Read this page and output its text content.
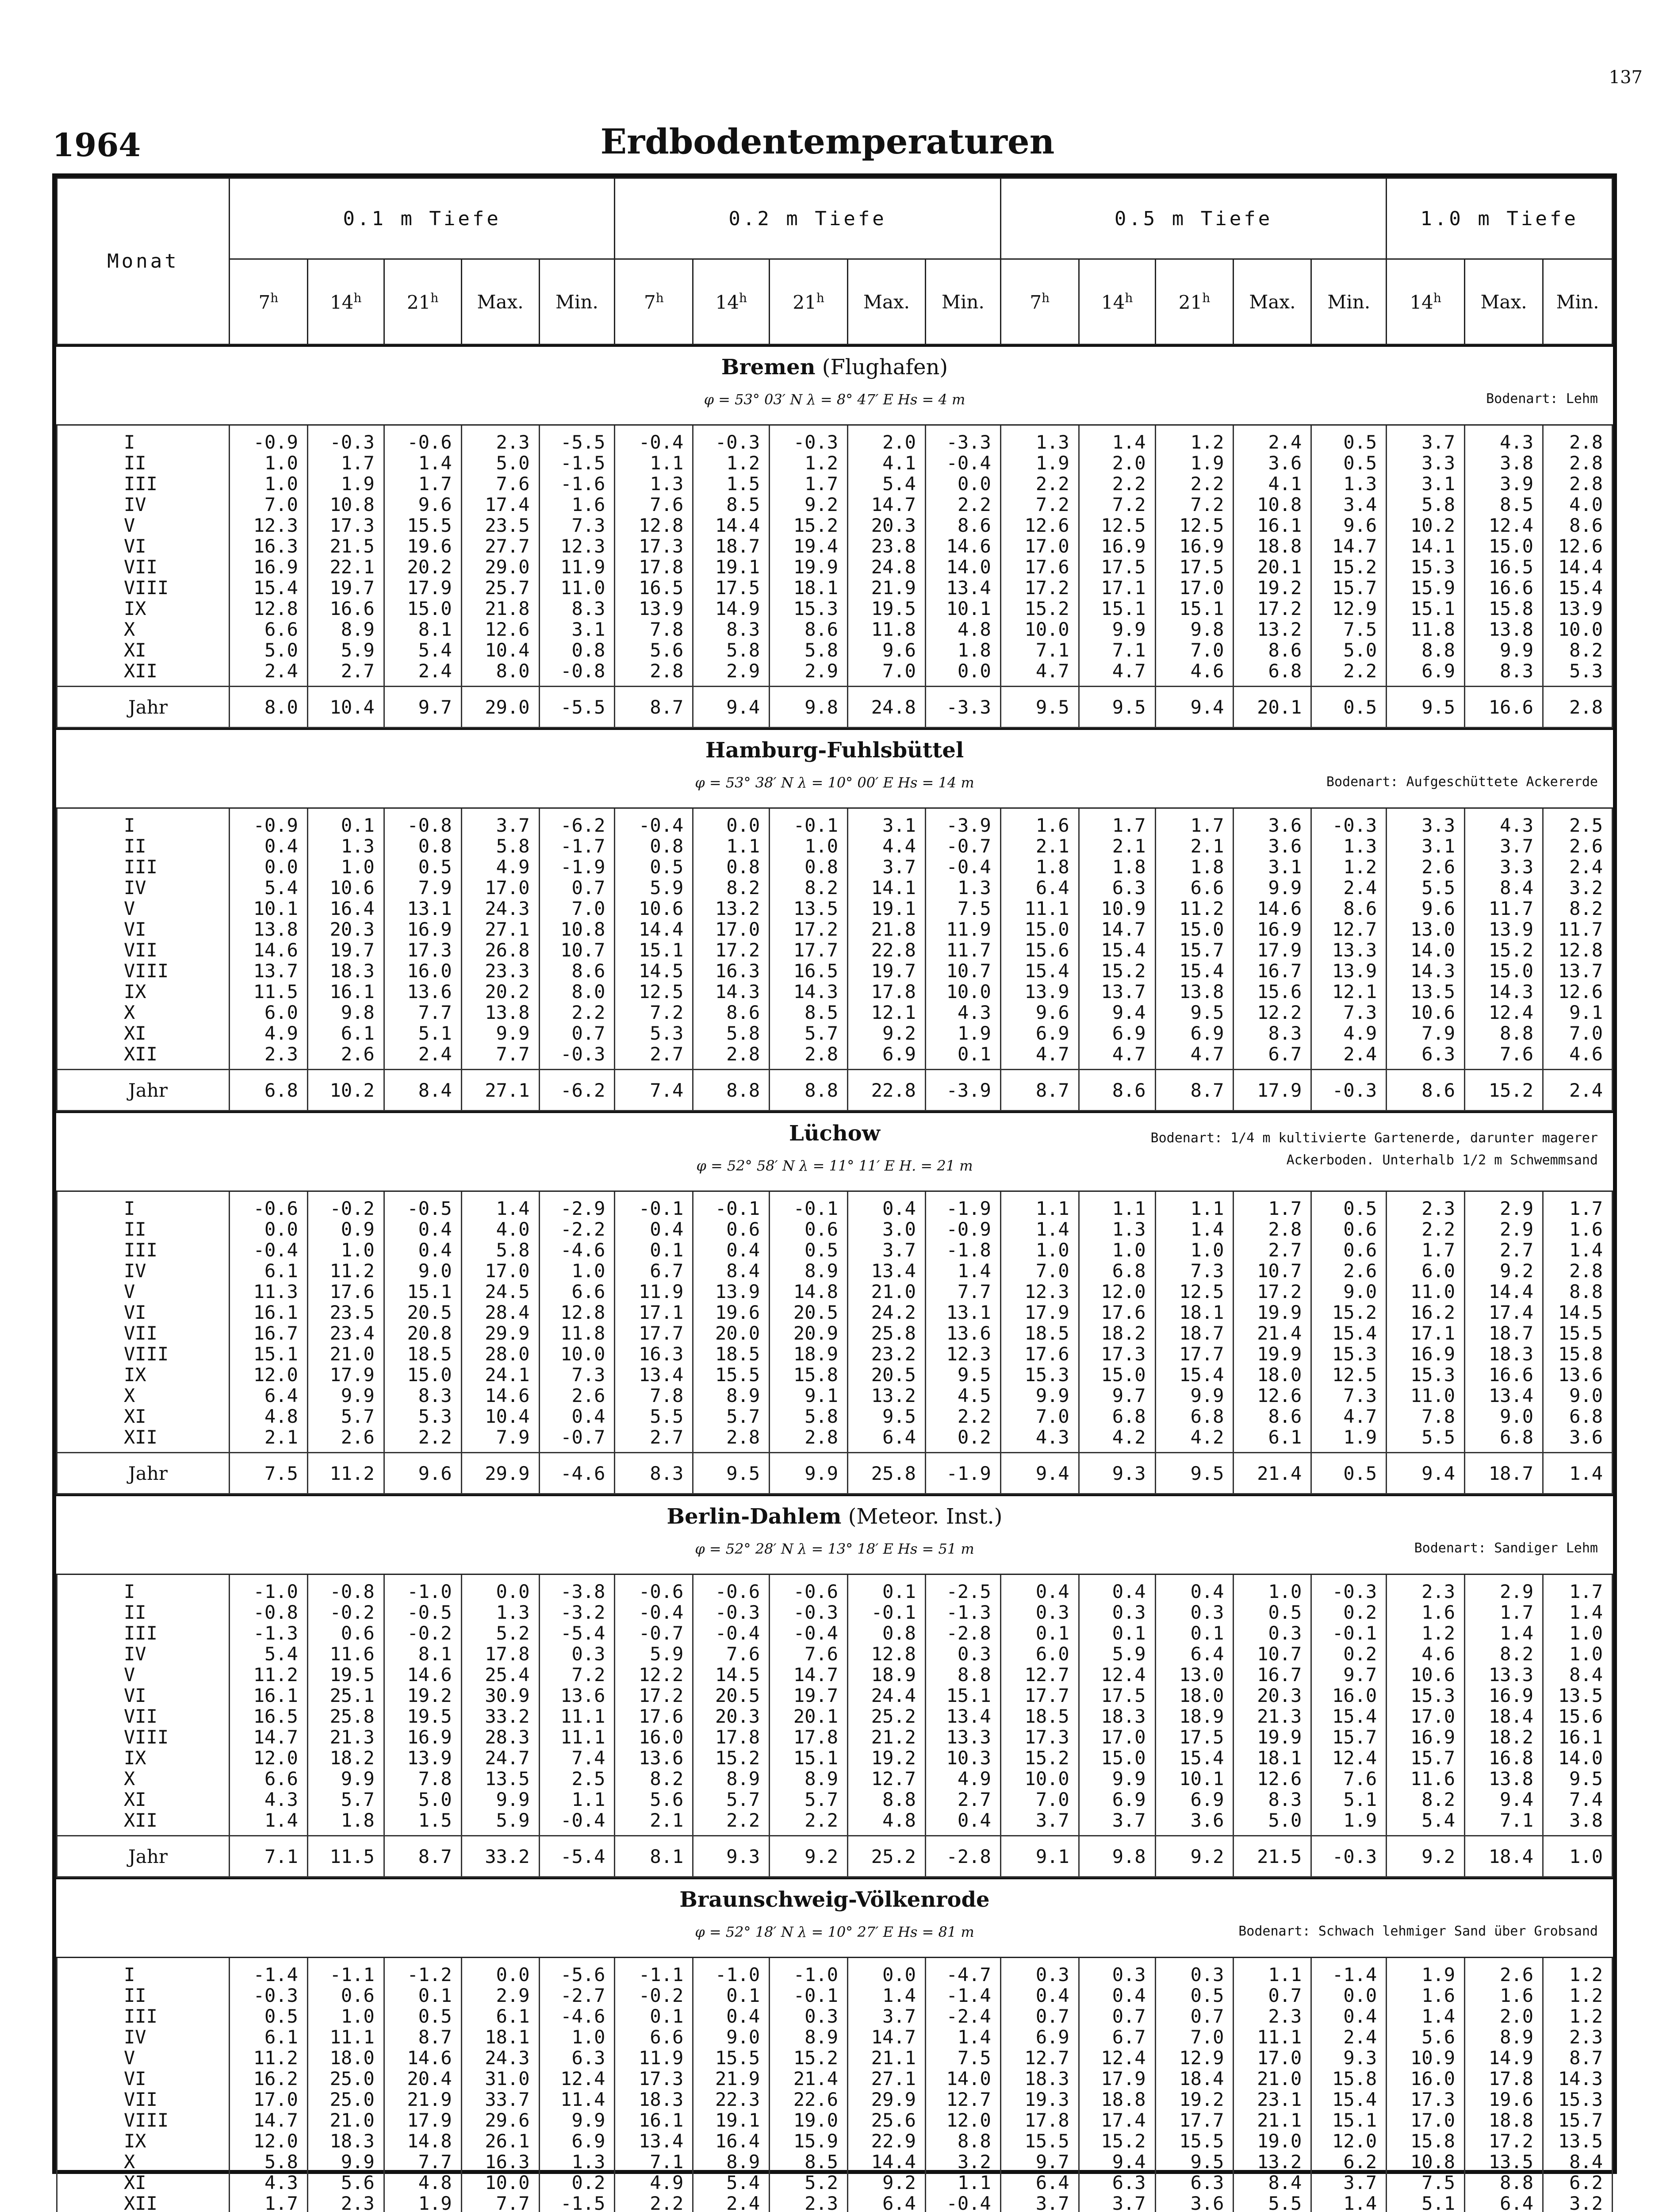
137
1964	Erdbodentemperaturen
Monat	0.1 m Tiefe					0.2 m Tiefe					0.5 m Tiefe					1.0 m Tiefe		
	7$^h$	14$^h$	21$^h$	Max.	Min.	7$^h$	14$^h$	21$^h$	Max.	Min.	7$^h$	14$^h$	21$^h$	Max.	Min.	14$^h$	Max.	Min.
Bremen (Flughafen)
φ = 53° 03′ N λ = 8° 47′ E Hs = 4 m	Bodenart: Lehm
I	-0.9	-0.3	-0.6	2.3	-5.5	-0.4	-0.3	-0.3	2.0	-3.3	1.3	1.4	1.2	2.4	0.5	3.7	4.3	2.8
II	1.0	1.7	1.4	5.0	-1.5	1.1	1.2	1.2	4.1	-0.4	1.9	2.0	1.9	3.6	0.5	3.3	3.8	2.8
III	1.0	1.9	1.7	7.6	-1.6	1.3	1.5	1.7	5.4	0.0	2.2	2.2	2.2	4.1	1.3	3.1	3.9	2.8
IV	7.0	10.8	9.6	17.4	1.6	7.6	8.5	9.2	14.7	2.2	7.2	7.2	7.2	10.8	3.4	5.8	8.5	4.0
V	12.3	17.3	15.5	23.5	7.3	12.8	14.4	15.2	20.3	8.6	12.6	12.5	12.5	16.1	9.6	10.2	12.4	8.6
VI	16.3	21.5	19.6	27.7	12.3	17.3	18.7	19.4	23.8	14.6	17.0	16.9	16.9	18.8	14.7	14.1	15.0	12.6
VII	16.9	22.1	20.2	29.0	11.9	17.8	19.1	19.9	24.8	14.0	17.6	17.5	17.5	20.1	15.2	15.3	16.5	14.4
VIII	15.4	19.7	17.9	25.7	11.0	16.5	17.5	18.1	21.9	13.4	17.2	17.1	17.0	19.2	15.7	15.9	16.6	15.4
IX	12.8	16.6	15.0	21.8	8.3	13.9	14.9	15.3	19.5	10.1	15.2	15.1	15.1	17.2	12.9	15.1	15.8	13.9
X	6.6	8.9	8.1	12.6	3.1	7.8	8.3	8.6	11.8	4.8	10.0	9.9	9.8	13.2	7.5	11.8	13.8	10.0
XI	5.0	5.9	5.4	10.4	0.8	5.6	5.8	5.8	9.6	1.8	7.1	7.1	7.0	8.6	5.0	8.8	9.9	8.2
XII	2.4	2.7	2.4	8.0	-0.8	2.8	2.9	2.9	7.0	0.0	4.7	4.7	4.6	6.8	2.2	6.9	8.3	5.3
Jahr	8.0	10.4	9.7	29.0	-5.5	8.7	9.4	9.8	24.8	-3.3	9.5	9.5	9.4	20.1	0.5	9.5	16.6	2.8
Hamburg-Fuhlsbüttel
φ = 53° 38′ N λ = 10° 00′ E Hs = 14 m	Bodenart: Aufgeschüttete Ackererde
I	-0.9	0.1	-0.8	3.7	-6.2	-0.4	0.0	-0.1	3.1	-3.9	1.6	1.7	1.7	3.6	-0.3	3.3	4.3	2.5
II	0.4	1.3	0.8	5.8	-1.7	0.8	1.1	1.0	4.4	-0.7	2.1	2.1	2.1	3.6	1.3	3.1	3.7	2.6
III	0.0	1.0	0.5	4.9	-1.9	0.5	0.8	0.8	3.7	-0.4	1.8	1.8	1.8	3.1	1.2	2.6	3.3	2.4
IV	5.4	10.6	7.9	17.0	0.7	5.9	8.2	8.2	14.1	1.3	6.4	6.3	6.6	9.9	2.4	5.5	8.4	3.2
V	10.1	16.4	13.1	24.3	7.0	10.6	13.2	13.5	19.1	7.5	11.1	10.9	11.2	14.6	8.6	9.6	11.7	8.2
VI	13.8	20.3	16.9	27.1	10.8	14.4	17.0	17.2	21.8	11.9	15.0	14.7	15.0	16.9	12.7	13.0	13.9	11.7
VII	14.6	19.7	17.3	26.8	10.7	15.1	17.2	17.7	22.8	11.7	15.6	15.4	15.7	17.9	13.3	14.0	15.2	12.8
VIII	13.7	18.3	16.0	23.3	8.6	14.5	16.3	16.5	19.7	10.7	15.4	15.2	15.4	16.7	13.9	14.3	15.0	13.7
IX	11.5	16.1	13.6	20.2	8.0	12.5	14.3	14.3	17.8	10.0	13.9	13.7	13.8	15.6	12.1	13.5	14.3	12.6
X	6.0	9.8	7.7	13.8	2.2	7.2	8.6	8.5	12.1	4.3	9.6	9.4	9.5	12.2	7.3	10.6	12.4	9.1
XI	4.9	6.1	5.1	9.9	0.7	5.3	5.8	5.7	9.2	1.9	6.9	6.9	6.9	8.3	4.9	7.9	8.8	7.0
XII	2.3	2.6	2.4	7.7	-0.3	2.7	2.8	2.8	6.9	0.1	4.7	4.7	4.7	6.7	2.4	6.3	7.6	4.6
Jahr	6.8	10.2	8.4	27.1	-6.2	7.4	8.8	8.8	22.8	-3.9	8.7	8.6	8.7	17.9	-0.3	8.6	15.2	2.4
Lüchow
φ = 52° 58′ N λ = 11° 11′ E H. = 21 m
Bodenart: 1/4 m kultivierte Gartenerde, darunter magerer
Ackerboden. Unterhalb 1/2 m Schwemmsand
I	-0.6	-0.2	-0.5	1.4	-2.9	-0.1	-0.1	-0.1	0.4	-1.9	1.1	1.1	1.1	1.7	0.5	2.3	2.9	1.7
II	0.0	0.9	0.4	4.0	-2.2	0.4	0.6	0.6	3.0	-0.9	1.4	1.3	1.4	2.8	0.6	2.2	2.9	1.6
III	-0.4	1.0	0.4	5.8	-4.6	0.1	0.4	0.5	3.7	-1.8	1.0	1.0	1.0	2.7	0.6	1.7	2.7	1.4
IV	6.1	11.2	9.0	17.0	1.0	6.7	8.4	8.9	13.4	1.4	7.0	6.8	7.3	10.7	2.6	6.0	9.2	2.8
V	11.3	17.6	15.1	24.5	6.6	11.9	13.9	14.8	21.0	7.7	12.3	12.0	12.5	17.2	9.0	11.0	14.4	8.8
VI	16.1	23.5	20.5	28.4	12.8	17.1	19.6	20.5	24.2	13.1	17.9	17.6	18.1	19.9	15.2	16.2	17.4	14.5
VII	16.7	23.4	20.8	29.9	11.8	17.7	20.0	20.9	25.8	13.6	18.5	18.2	18.7	21.4	15.4	17.1	18.7	15.5
VIII	15.1	21.0	18.5	28.0	10.0	16.3	18.5	18.9	23.2	12.3	17.6	17.3	17.7	19.9	15.3	16.9	18.3	15.8
IX	12.0	17.9	15.0	24.1	7.3	13.4	15.5	15.8	20.5	9.5	15.3	15.0	15.4	18.0	12.5	15.3	16.6	13.6
X	6.4	9.9	8.3	14.6	2.6	7.8	8.9	9.1	13.2	4.5	9.9	9.7	9.9	12.6	7.3	11.0	13.4	9.0
XI	4.8	5.7	5.3	10.4	0.4	5.5	5.7	5.8	9.5	2.2	7.0	6.8	6.8	8.6	4.7	7.8	9.0	6.8
XII	2.1	2.6	2.2	7.9	-0.7	2.7	2.8	2.8	6.4	0.2	4.3	4.2	4.2	6.1	1.9	5.5	6.8	3.6
Jahr	7.5	11.2	9.6	29.9	-4.6	8.3	9.5	9.9	25.8	-1.9	9.4	9.3	9.5	21.4	0.5	9.4	18.7	1.4
Berlin-Dahlem (Meteor. Inst.)
φ = 52° 28′ N λ = 13° 18′ E Hs = 51 m	Bodenart: Sandiger Lehm
I	-1.0	-0.8	-1.0	0.0	-3.8	-0.6	-0.6	-0.6	0.1	-2.5	0.4	0.4	0.4	1.0	-0.3	2.3	2.9	1.7
II	-0.8	-0.2	-0.5	1.3	-3.2	-0.4	-0.3	-0.3	-0.1	-1.3	0.3	0.3	0.3	0.5	0.2	1.6	1.7	1.4
III	-1.3	0.6	-0.2	5.2	-5.4	-0.7	-0.4	-0.4	0.8	-2.8	0.1	0.1	0.1	0.3	-0.1	1.2	1.4	1.0
IV	5.4	11.6	8.1	17.8	0.3	5.9	7.6	7.6	12.8	0.3	6.0	5.9	6.4	10.7	0.2	4.6	8.2	1.0
V	11.2	19.5	14.6	25.4	7.2	12.2	14.5	14.7	18.9	8.8	12.7	12.4	13.0	16.7	9.7	10.6	13.3	8.4
VI	16.1	25.1	19.2	30.9	13.6	17.2	20.5	19.7	24.4	15.1	17.7	17.5	18.0	20.3	16.0	15.3	16.9	13.5
VII	16.5	25.8	19.5	33.2	11.1	17.6	20.3	20.1	25.2	13.4	18.5	18.3	18.9	21.3	15.4	17.0	18.4	15.6
VIII	14.7	21.3	16.9	28.3	11.1	16.0	17.8	17.8	21.2	13.3	17.3	17.0	17.5	19.9	15.7	16.9	18.2	16.1
IX	12.0	18.2	13.9	24.7	7.4	13.6	15.2	15.1	19.2	10.3	15.2	15.0	15.4	18.1	12.4	15.7	16.8	14.0
X	6.6	9.9	7.8	13.5	2.5	8.2	8.9	8.9	12.7	4.9	10.0	9.9	10.1	12.6	7.6	11.6	13.8	9.5
XI	4.3	5.7	5.0	9.9	1.1	5.6	5.7	5.7	8.8	2.7	7.0	6.9	6.9	8.3	5.1	8.2	9.4	7.4
XII	1.4	1.8	1.5	5.9	-0.4	2.1	2.2	2.2	4.8	0.4	3.7	3.7	3.6	5.0	1.9	5.4	7.1	3.8
Jahr	7.1	11.5	8.7	33.2	-5.4	8.1	9.3	9.2	25.2	-2.8	9.1	9.8	9.2	21.5	-0.3	9.2	18.4	1.0
Braunschweig-Völkenrode
φ = 52° 18′ N λ = 10° 27′ E Hs = 81 m	Bodenart: Schwach lehmiger Sand über Grobsand
I	-1.4	-1.1	-1.2	0.0	-5.6	-1.1	-1.0	-1.0	0.0	-4.7	0.3	0.3	0.3	1.1	-1.4	1.9	2.6	1.2
II	-0.3	0.6	0.1	2.9	-2.7	-0.2	0.1	-0.1	1.4	-1.4	0.4	0.4	0.5	0.7	0.0	1.6	1.6	1.2
III	0.5	1.0	0.5	6.1	-4.6	0.1	0.4	0.3	3.7	-2.4	0.7	0.7	0.7	2.3	0.4	1.4	2.0	1.2
IV	6.1	11.1	8.7	18.1	1.0	6.6	9.0	8.9	14.7	1.4	6.9	6.7	7.0	11.1	2.4	5.6	8.9	2.3
V	11.2	18.0	14.6	24.3	6.3	11.9	15.5	15.2	21.1	7.5	12.7	12.4	12.9	17.0	9.3	10.9	14.9	8.7
VI	16.2	25.0	20.4	31.0	12.4	17.3	21.9	21.4	27.1	14.0	18.3	17.9	18.4	21.0	15.8	16.0	17.8	14.3
VII	17.0	25.0	21.9	33.7	11.4	18.3	22.3	22.6	29.9	12.7	19.3	18.8	19.2	23.1	15.4	17.3	19.6	15.3
VIII	14.7	21.0	17.9	29.6	9.9	16.1	19.1	19.0	25.6	12.0	17.8	17.4	17.7	21.1	15.1	17.0	18.8	15.7
IX	12.0	18.3	14.8	26.1	6.9	13.4	16.4	15.9	22.9	8.8	15.5	15.2	15.5	19.0	12.0	15.8	17.2	13.5
X	5.8	9.9	7.7	16.3	1.3	7.1	8.9	8.5	14.4	3.2	9.7	9.4	9.5	13.2	6.2	10.8	13.5	8.4
XI	4.3	5.6	4.8	10.0	0.2	4.9	5.4	5.2	9.2	1.1	6.4	6.3	6.3	8.4	3.7	7.5	8.8	6.2
XII	1.7	2.3	1.9	7.7	-1.5	2.2	2.4	2.3	6.4	-0.4	3.7	3.7	3.6	5.5	1.4	5.1	6.4	3.2
